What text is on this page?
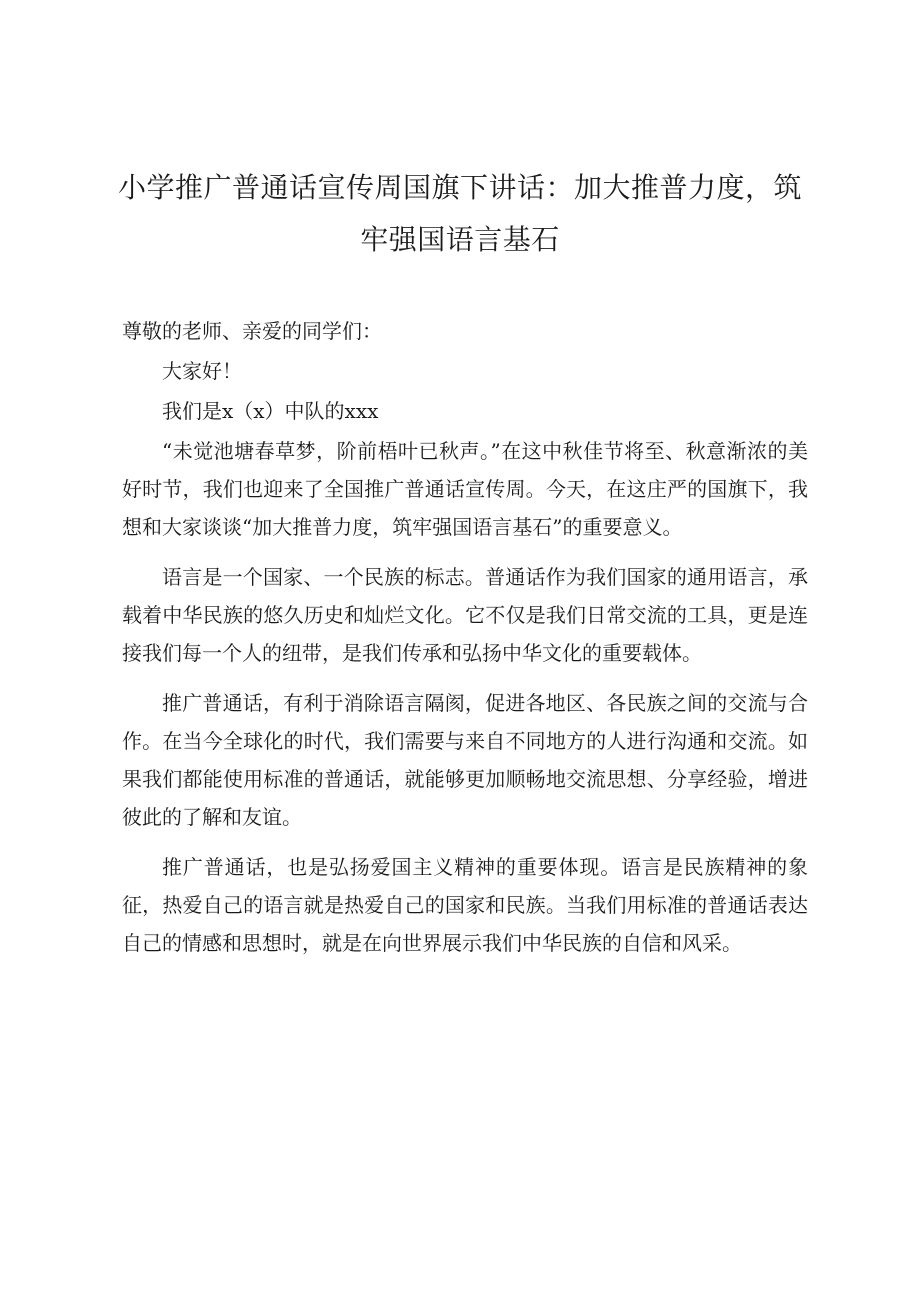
小学推广普通话宣传周国旗下讲话：加大推普力度，筑牢强国语言基石

尊敬的老师、亲爱的同学们：

大家好！

我们是x（x）中队的xxx

“未觉池塘春草梦，阶前梧叶已秋声。”在这中秋佳节将至、秋意渐浓的美好时节，我们也迎来了全国推广普通话宣传周。今天，在这庄严的国旗下，我想和大家谈谈“加大推普力度，筑牢强国语言基石”的重要意义。

语言是一个国家、一个民族的标志。普通话作为我们国家的通用语言，承载着中华民族的悠久历史和灿烂文化。它不仅是我们日常交流的工具，更是连接我们每一个人的纽带，是我们传承和弘扬中华文化的重要载体。

推广普通话，有利于消除语言隔阂，促进各地区、各民族之间的交流与合作。在当今全球化的时代，我们需要与来自不同地方的人进行沟通和交流。如果我们都能使用标准的普通话，就能够更加顺畅地交流思想、分享经验，增进彼此的了解和友谊。

推广普通话，也是弘扬爱国主义精神的重要体现。语言是民族精神的象征，热爱自己的语言就是热爱自己的国家和民族。当我们用标准的普通话表达自己的情感和思想时，就是在向世界展示我们中华民族的自信和风采。
